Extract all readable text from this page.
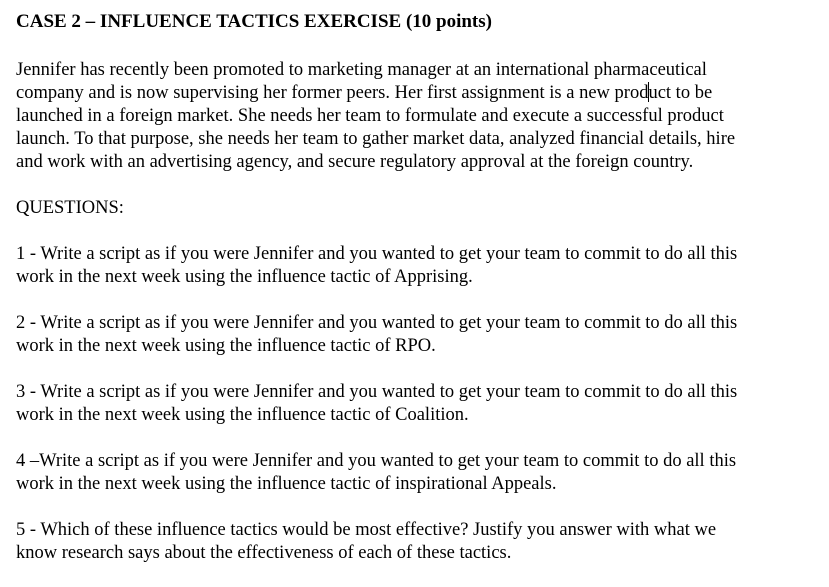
CASE 2 – INFLUENCE TACTICS EXERCISE (10 points)

Jennifer has recently been promoted to marketing manager at an international pharmaceutical
company and is now supervising her former peers. Her first assignment is a new product to be
launched in a foreign market. She needs her team to formulate and execute a successful product
launch. To that purpose, she needs her team to gather market data, analyzed financial details, hire
and work with an advertising agency, and secure regulatory approval at the foreign country.

QUESTIONS:

1 - Write a script as if you were Jennifer and you wanted to get your team to commit to do all this
work in the next week using the influence tactic of Apprising.

2 - Write a script as if you were Jennifer and you wanted to get your team to commit to do all this
work in the next week using the influence tactic of RPO.

3 - Write a script as if you were Jennifer and you wanted to get your team to commit to do all this
work in the next week using the influence tactic of Coalition.

4 –Write a script as if you were Jennifer and you wanted to get your team to commit to do all this
work in the next week using the influence tactic of inspirational Appeals.

5 - Which of these influence tactics would be most effective? Justify you answer with what we
know research says about the effectiveness of each of these tactics.
